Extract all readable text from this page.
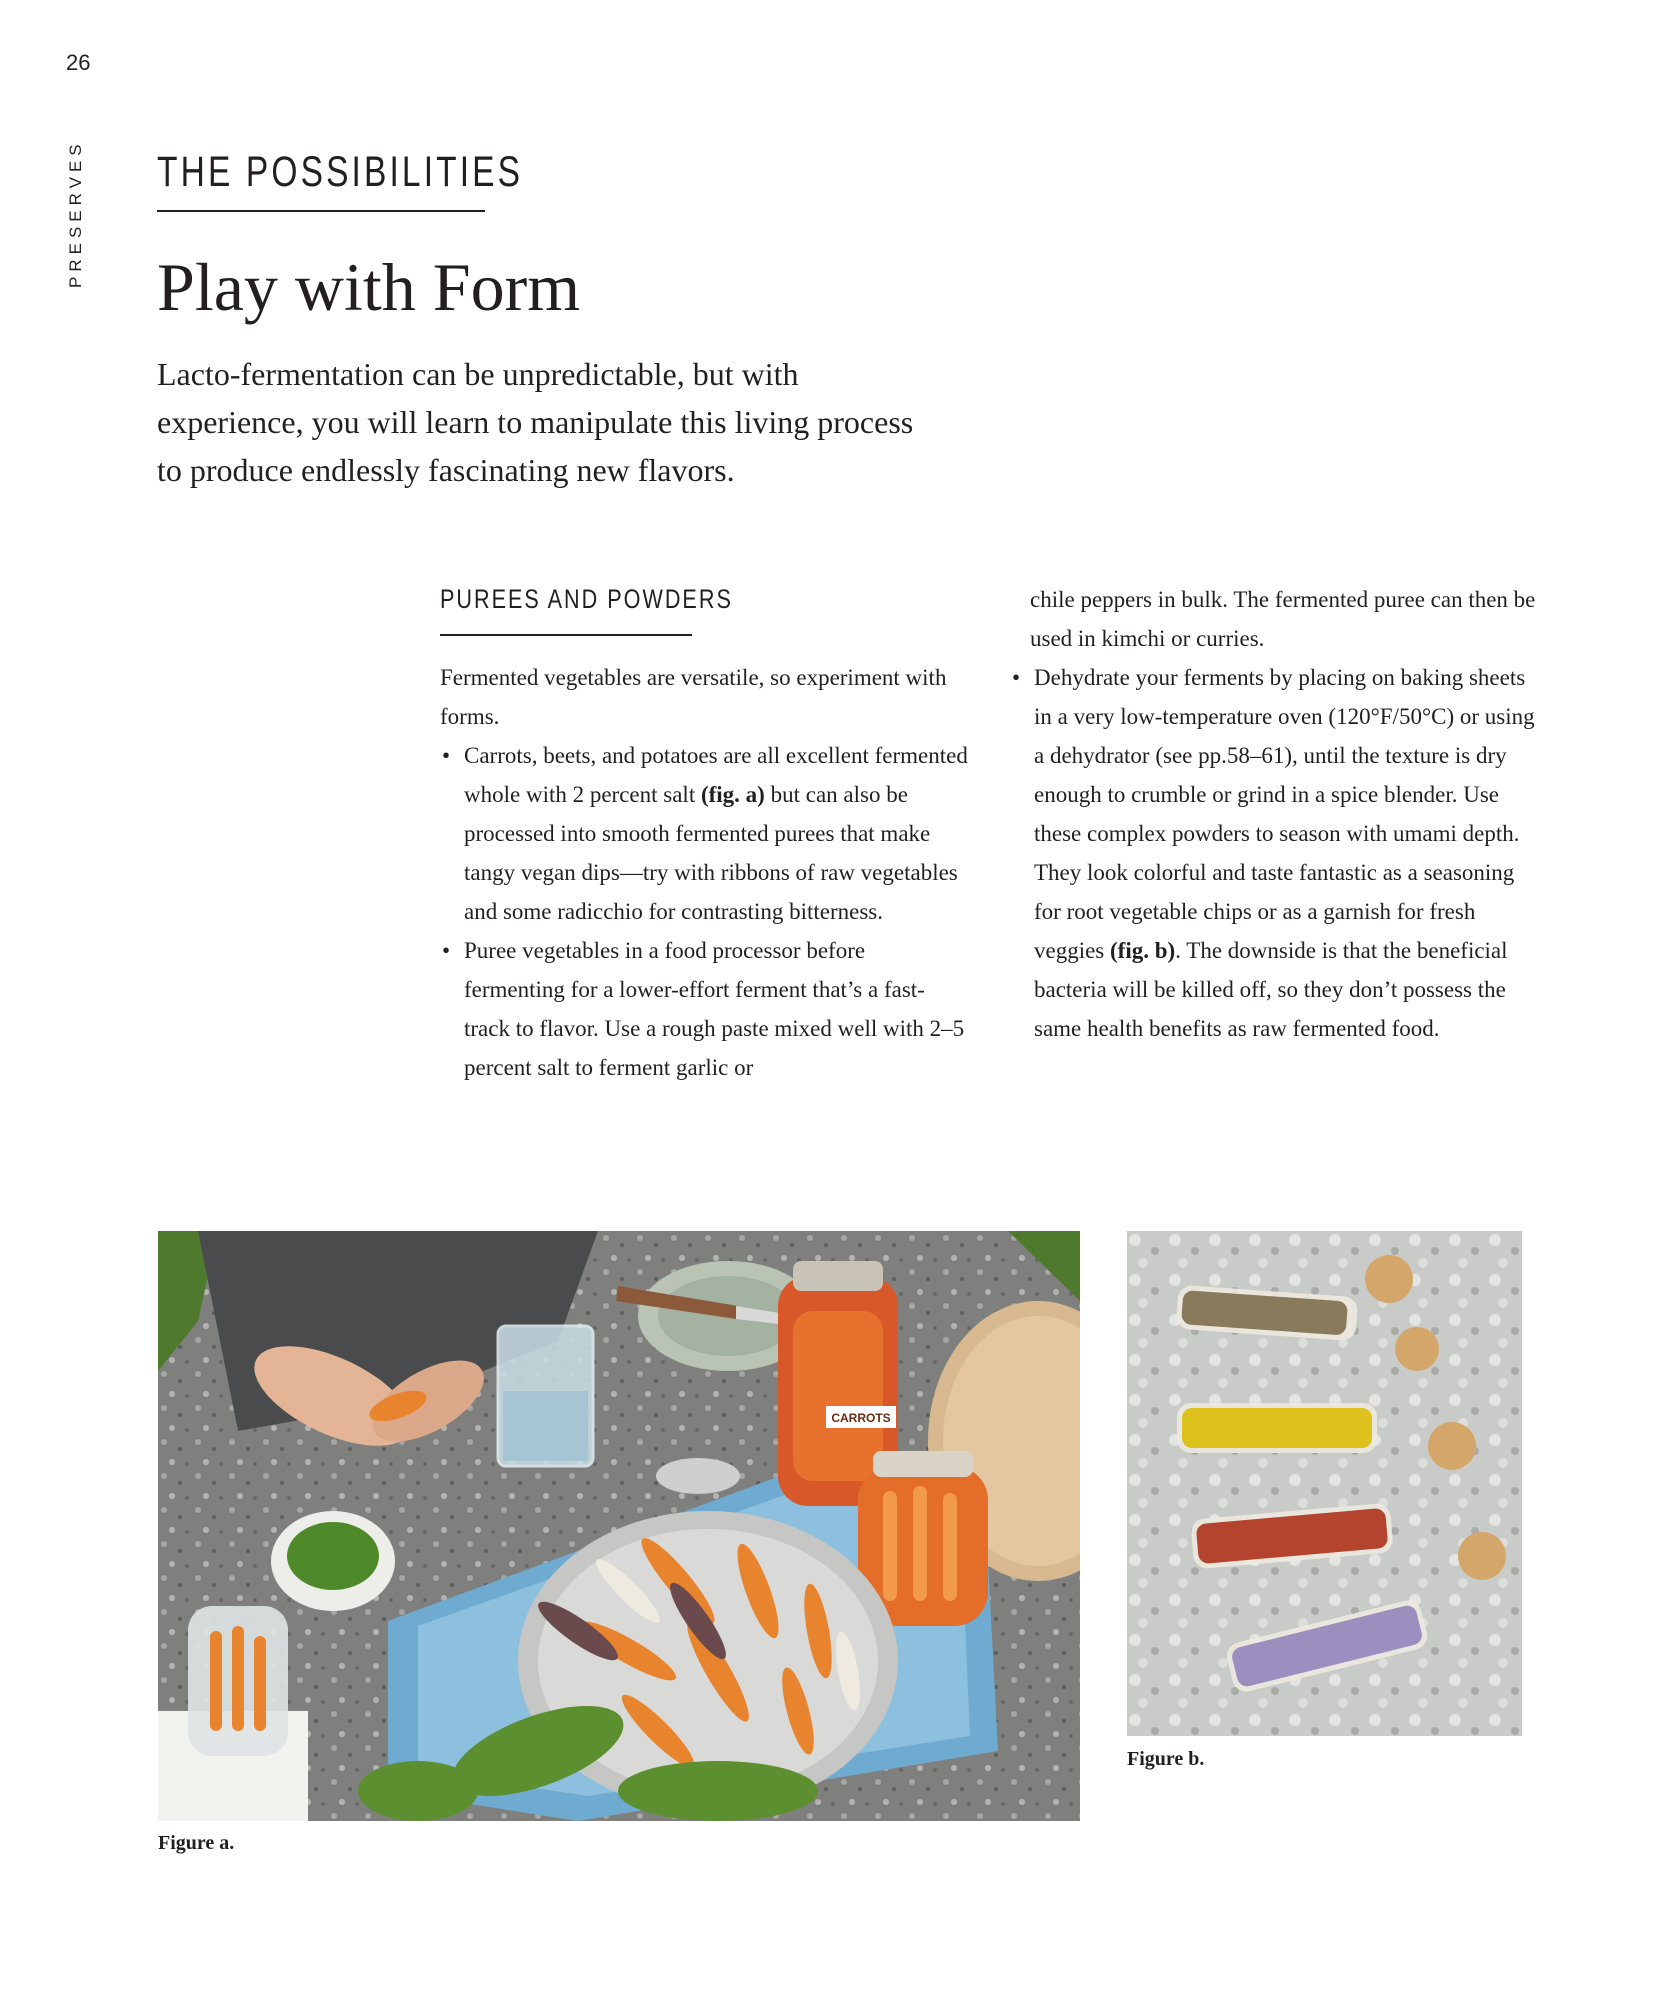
26
PRESERVES THE POSSIBILITIES
Play with Form

Lacto-fermentation can be unpredictable, but with experience, you will learn to manipulate this living process to produce endlessly fascinating new flavors.

PUREES AND POWDERS

Fermented vegetables are versatile, so experiment with forms.

• Carrots, beets, and potatoes are all excellent fermented whole with 2 percent salt (fig. a) but can also be processed into smooth fermented purees that make tangy vegan dips—try with ribbons of raw vegetables and some radicchio for contrasting bitterness.
• Puree vegetables in a food processor before fermenting for a lower-effort ferment that’s a fast-track to flavor. Use a rough paste mixed well with 2–5 percent salt to ferment garlic or

chile peppers in bulk. The fermented puree can then be used in kimchi or curries.

• Dehydrate your ferments by placing on baking sheets in a very low-temperature oven (120°F/50°C) or using a dehydrator (see pp.58–61), until the texture is dry enough to crumble or grind in a spice blender. Use these complex powders to season with umami depth. They look colorful and taste fantastic as a seasoning for root vegetable chips or as a garnish for fresh veggies (fig. b). The downside is that the beneficial bacteria will be killed off, so they don’t possess the same health benefits as raw fermented food.
CARROTS
Figure a.
Figure b.
